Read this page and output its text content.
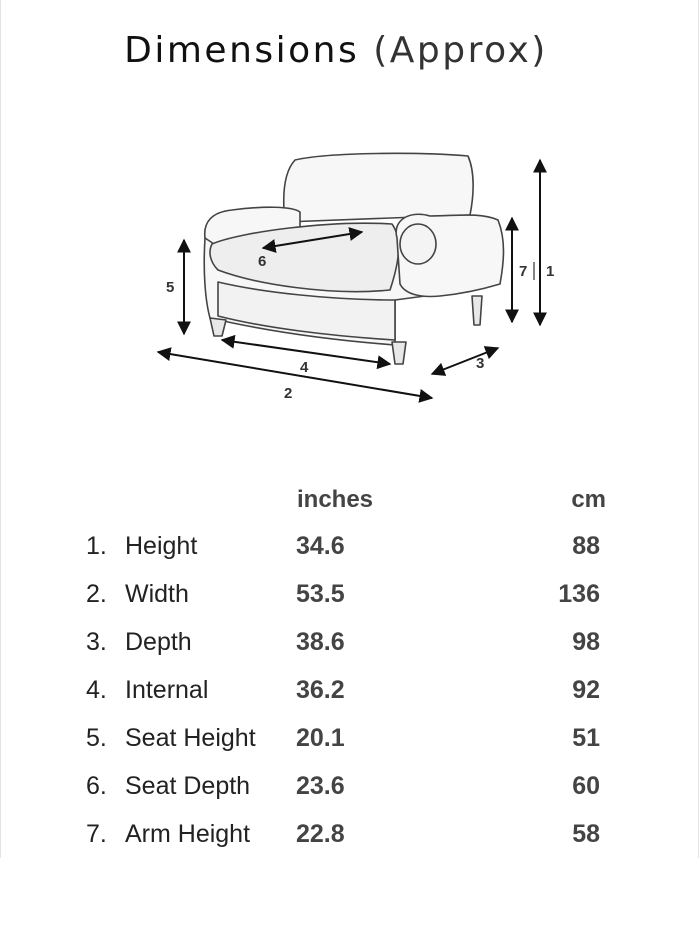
Dimensions (Approx)
1
2
3
4
5
6
7
inches	cm
1. Height	34.6	88
2. Width	53.5	136
3. Depth	38.6	98
4. Internal	36.2	92
5. Seat Height 20.1	51
6. Seat Depth 23.6	60
7. Arm Height 22.8	58
